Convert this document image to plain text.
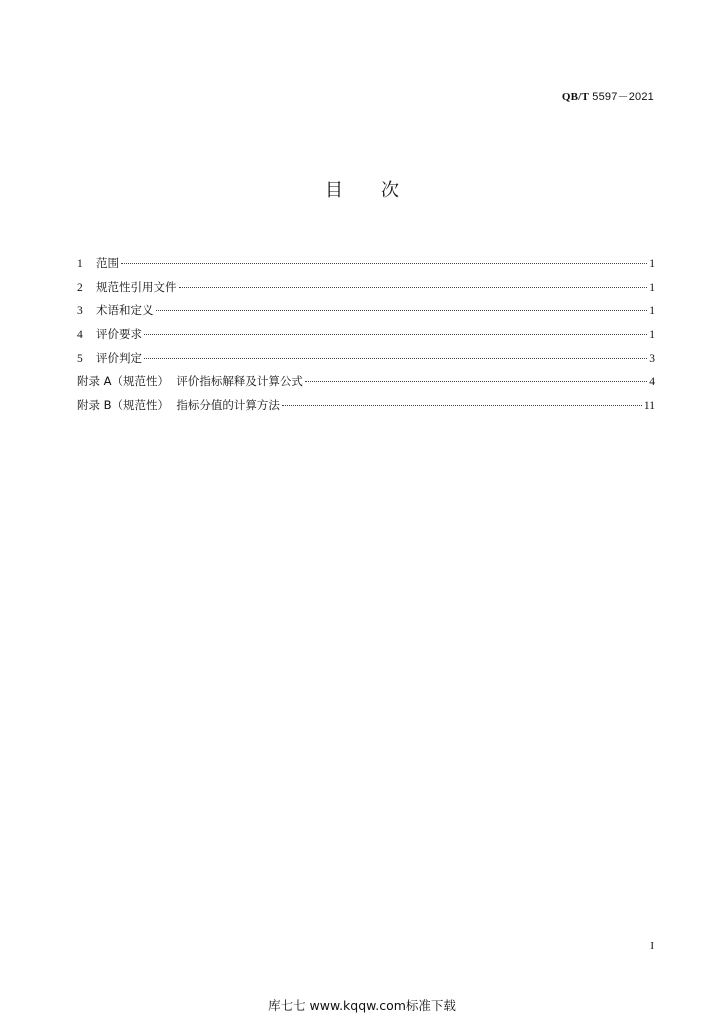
QB/T 5597－2021
目次
1	范围	1
2	规范性引用文件	1
3	术语和定义	1
4	评价要求	1
5	评价判定	3
附录 A（规范性）  评价指标解释及计算公式	4
附录 B（规范性）  指标分值的计算方法	11
I
库七七 www.kqqw.com标准下载
